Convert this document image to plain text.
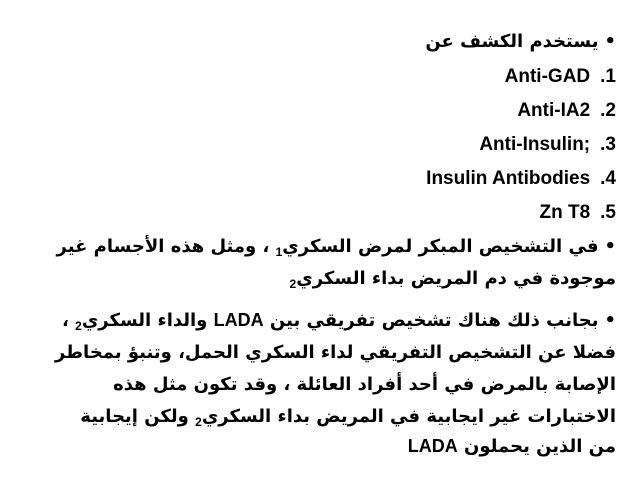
•يستخدم الكشف عن
Anti-GAD .1
Anti-IA2 .2
Anti-Insulin; .3
Insulin Antibodies .4
Zn T8 .5
•في التشخيص المبكر لمرض السكري$_1$ ، ومثل هذه الأجسام غير
موجودة في دم المريض بداء السكري$_2$
•بجانب ذلك هناك تشخيص تفريقي بين LADA والداء السكري$_2$ ،
فضلا عن التشخيص التفريقي لداء السكري الحمل، وتنبؤ بمخاطر
الإصابة بالمرض في أحد أفراد العائلة ، وقد تكون مثل هذه
الاختبارات غير ايجابية في المريض بداء السكري$_2$ ولكن إيجابية
من الذين يحملون LADA
